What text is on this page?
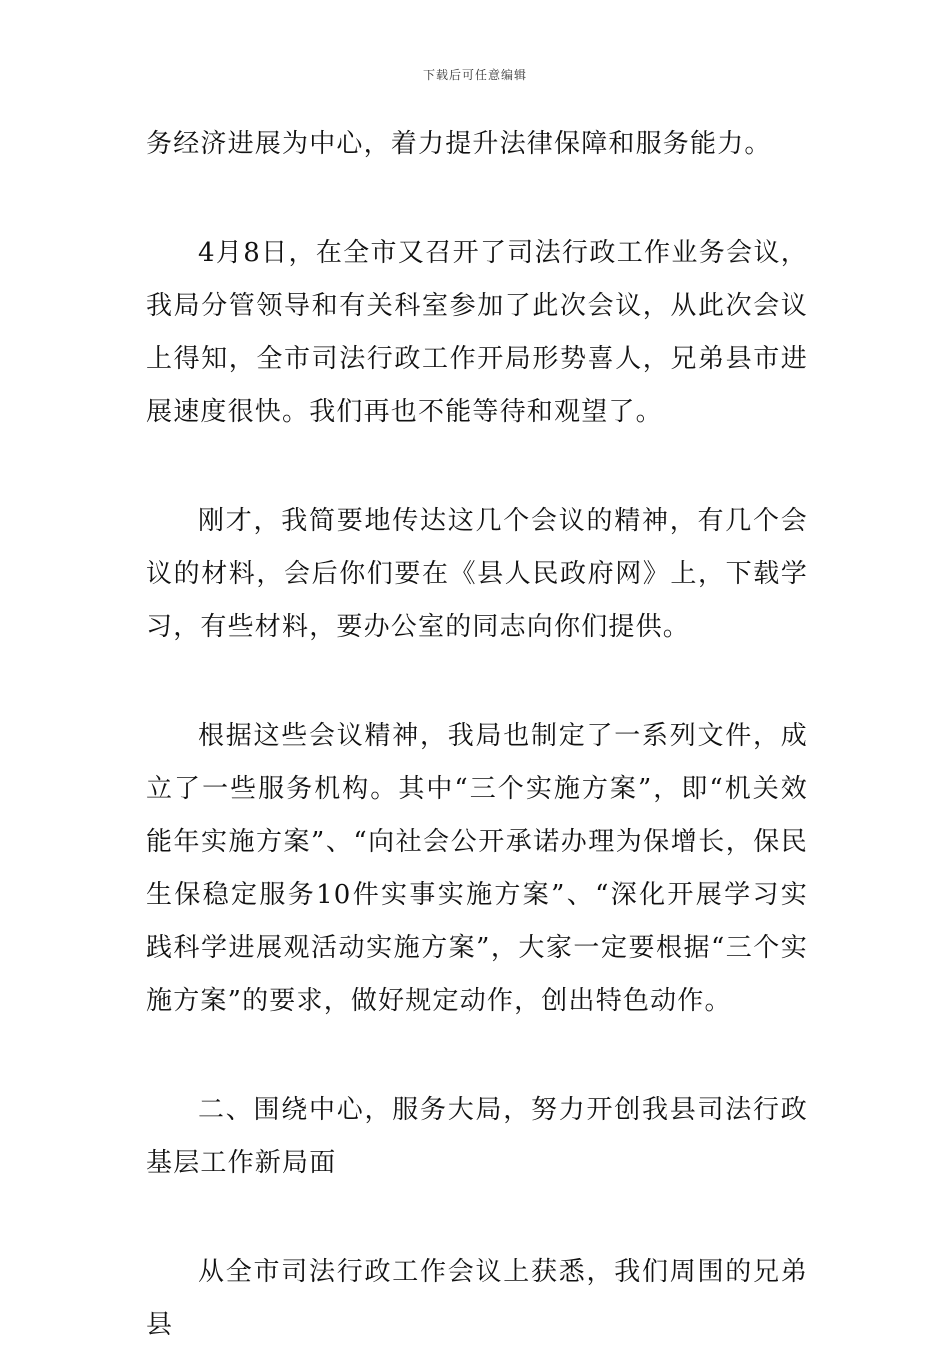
下载后可任意编辑

务经济进展为中心，着力提升法律保障和服务能力。

4月8日，在全市又召开了司法行政工作业务会议，我局分管领导和有关科室参加了此次会议，从此次会议上得知，全市司法行政工作开局形势喜人，兄弟县市进展速度很快。我们再也不能等待和观望了。

刚才，我简要地传达这几个会议的精神，有几个会议的材料，会后你们要在《县人民政府网》上，下载学习，有些材料，要办公室的同志向你们提供。

根据这些会议精神，我局也制定了一系列文件，成立了一些服务机构。其中“三个实施方案”，即“机关效能年实施方案”、“向社会公开承诺办理为保增长，保民生保稳定服务10件实事实施方案”、“深化开展学习实践科学进展观活动实施方案”，大家一定要根据“三个实施方案”的要求，做好规定动作，创出特色动作。

二、围绕中心，服务大局，努力开创我县司法行政基层工作新局面

从全市司法行政工作会议上获悉，我们周围的兄弟县
